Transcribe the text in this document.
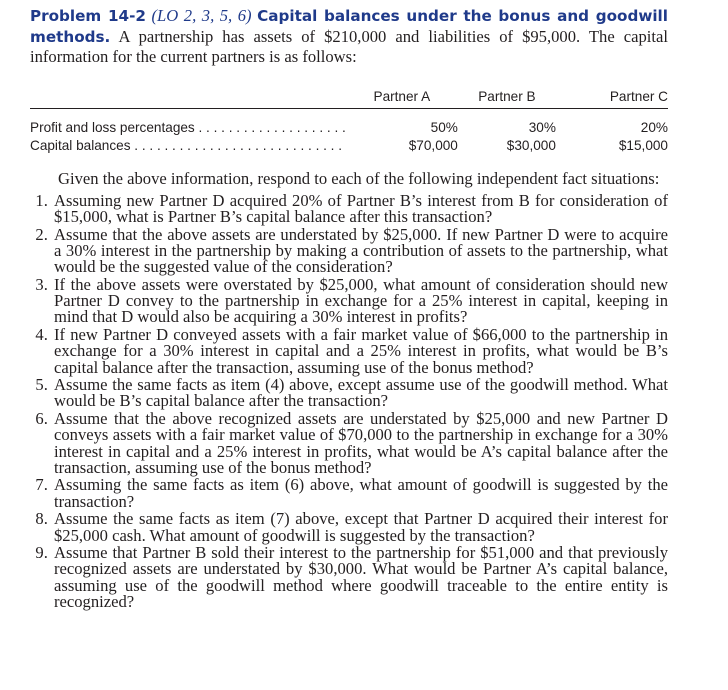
Problem 14-2 (LO 2, 3, 5, 6) Capital balances under the bonus and goodwill methods. A partnership has assets of $210,000 and liabilities of $95,000. The capital information for the current partners is as follows:

	Partner A	Partner B	Partner C
Profit and loss percentages . . . . . . . . . . . . . . . . . . . .	50%	30%	20%
Capital balances . . . . . . . . . . . . . . . . . . . . . . . . . . . .	$70,000	$30,000	$15,000

Given the above information, respond to each of the following independent fact situations:

1. Assuming new Partner D acquired 20% of Partner B’s interest from B for consideration of $15,000, what is Partner B’s capital balance after this transaction?
2. Assume that the above assets are understated by $25,000. If new Partner D were to acquire a 30% interest in the partnership by making a contribution of assets to the partnership, what would be the suggested value of the consideration?
3. If the above assets were overstated by $25,000, what amount of consideration should new Partner D convey to the partnership in exchange for a 25% interest in capital, keeping in mind that D would also be acquiring a 30% interest in profits?
4. If new Partner D conveyed assets with a fair market value of $66,000 to the partnership in exchange for a 30% interest in capital and a 25% interest in profits, what would be B’s capital balance after the transaction, assuming use of the bonus method?
5. Assume the same facts as item (4) above, except assume use of the goodwill method. What would be B’s capital balance after the transaction?
6. Assume that the above recognized assets are understated by $25,000 and new Partner D conveys assets with a fair market value of $70,000 to the partnership in exchange for a 30% interest in capital and a 25% interest in profits, what would be A’s capital balance after the transaction, assuming use of the bonus method?
7. Assuming the same facts as item (6) above, what amount of goodwill is suggested by the transaction?
8. Assume the same facts as item (7) above, except that Partner D acquired their interest for $25,000 cash. What amount of goodwill is suggested by the transaction?
9. Assume that Partner B sold their interest to the partnership for $51,000 and that previously recognized assets are understated by $30,000. What would be Partner A’s capital balance, assuming use of the goodwill method where goodwill traceable to the entire entity is recognized?
